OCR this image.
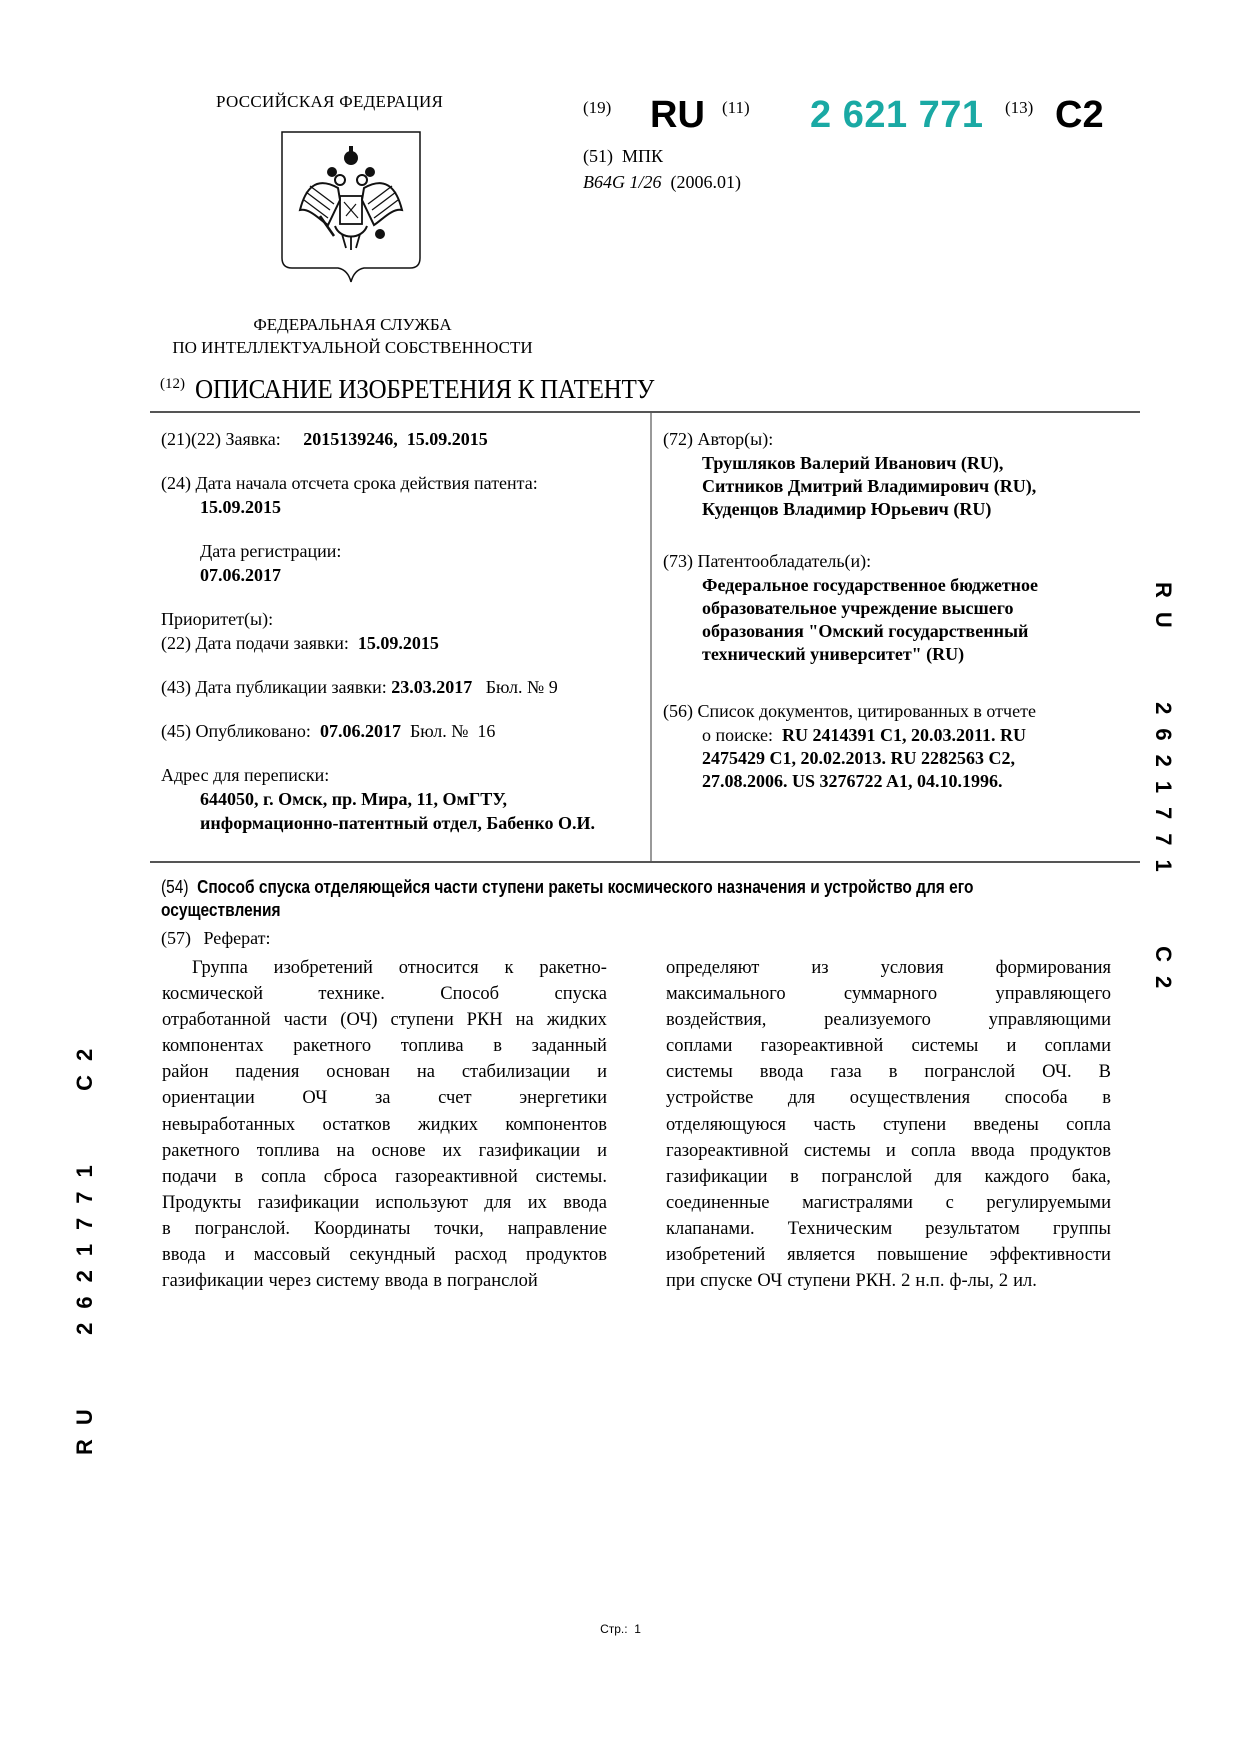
РОССИЙСКАЯ ФЕДЕРАЦИЯ
ФЕДЕРАЛЬНАЯ СЛУЖБА
ПО ИНТЕЛЛЕКТУАЛЬНОЙ СОБСТВЕННОСТИ
(19) RU (11) 2 621 771 (13) C2
(51) МПК
B64G 1/26 (2006.01)
(12) ОПИСАНИЕ ИЗОБРЕТЕНИЯ К ПАТЕНТУ
(21)(22) Заявка: 2015139246,  15.09.2015
(24) Дата начала отсчета срока действия патента:
15.09.2015
Дата регистрации:
07.06.2017
Приоритет(ы):
(22) Дата подачи заявки: 15.09.2015
(43) Дата публикации заявки: 23.03.2017 Бюл. № 9
(45) Опубликовано: 07.06.2017 Бюл. №  16
Адрес для переписки:
644050, г. Омск, пр. Мира, 11, ОмГТУ,
информационно-патентный отдел, Бабенко О.И.
(72) Автор(ы):
Трушляков Валерий Иванович (RU),
Ситников Дмитрий Владимирович (RU),
Куденцов Владимир Юрьевич (RU)
(73) Патентообладатель(и):
Федеральное государственное бюджетное
образовательное учреждение высшего
образования "Омский государственный
технический университет" (RU)
(56) Список документов, цитированных в отчете
о поиске: RU 2414391 C1, 20.03.2011. RU
2475429 C1, 20.02.2013. RU 2282563 C2,
27.08.2006. US 3276722 A1, 04.10.1996.
(54) Способ спуска отделяющейся части ступени ракеты космического назначения и устройство для его
осуществления
(57) Реферат:
Группа изобретений относится к ракетно-
космической	технике.	Способ	спуска
отработанной части (ОЧ) ступени РКН на жидких
компонентах ракетного топлива в заданный
район падения основан на стабилизации и
ориентации	ОЧ	за	счет	энергетики
невыработанных остатков жидких компонентов
ракетного топлива на основе их газификации и
подачи в сопла сброса газореактивной системы.
Продукты газификации используют для их ввода
в погранслой. Координаты точки, направление
ввода и массовый секундный расход продуктов
газификации через систему ввода в погранслой
определяют	из	условия	формирования
максимального	суммарного	управляющего
воздействия,	реализуемого	управляющими
соплами газореактивной системы и соплами
системы ввода газа в погранслой ОЧ. В
устройстве для осуществления способа в
отделяющуюся часть ступени введены сопла
газореактивной системы и сопла ввода продуктов
газификации в погранслой для каждого бака,
соединенные магистралями с регулируемыми
клапанами. Техническим результатом группы
изобретений является повышение эффективности
при спуске ОЧ ступени РКН. 2 н.п. ф-лы, 2 ил.
RU   2621771   C2
RU   2621771   C2
Стр.:  1
